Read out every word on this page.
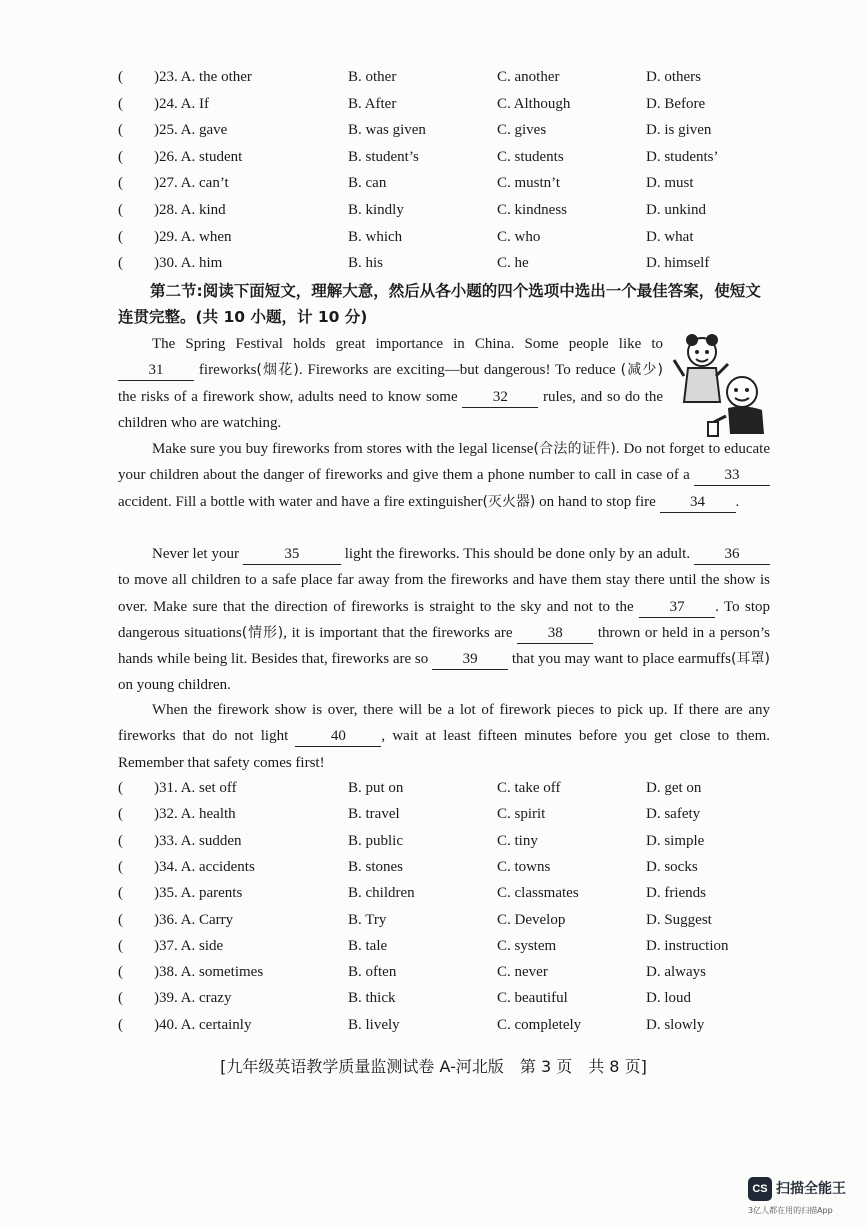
( )23. A. the other	B. other	C. another	D. others
( )24. A. If	B. After	C. Although	D. Before
( )25. A. gave	B. was given	C. gives	D. is given
( )26. A. student	B. student’s	C. students	D. students’
( )27. A. can’t	B. can	C. mustn’t	D. must
( )28. A. kind	B. kindly	C. kindness	D. unkind
( )29. A. when	B. which	C. who	D. what
( )30. A. him	B. his	C. he	D. himself
第二节:阅读下面短文，理解大意，然后从各小题的四个选项中选出一个最佳答案，使短文
连贯完整。(共 10 小题，计 10 分)
The Spring Festival holds great importance in China. Some people like to 31 fireworks(烟花). Fireworks are exciting—but dangerous! To reduce (减少) the risks of a firework show, adults need to know some 32 rules, and so do the children who are watching.
Make sure you buy fireworks from stores with the legal license(合法的证件). Do not forget to educate your children about the danger of fireworks and give them a phone number to call in case of a 33 accident. Fill a bottle with water and have a fire extinguisher(灭火器) on hand to stop fire 34 .
Never let your	35	light the fireworks. This should be done only by an adult. 36 to move all children to a safe place far away from the fireworks and have them stay there until the show is over. Make sure that the direction of fireworks is straight to the sky and not to the 37 . To stop dangerous situations(情形), it is important that the fireworks are 38 thrown or held in a person’s hands while being lit. Besides that, fireworks are so 39 that you may want to place earmuffs(耳罩) on young children.
When the firework show is over, there will be a lot of firework pieces to pick up. If there are any fireworks that do not light	40 , wait at least fifteen minutes before you get close to them. Remember that safety comes first!
( )31. A. set off	B. put on	C. take off	D. get on
( )32. A. health	B. travel	C. spirit	D. safety
( )33. A. sudden	B. public	C. tiny	D. simple
( )34. A. accidents	B. stones	C. towns	D. socks
( )35. A. parents	B. children	C. classmates	D. friends
( )36. A. Carry	B. Try	C. Develop	D. Suggest
( )37. A. side	B. tale	C. system	D. instruction
( )38. A. sometimes	B. often	C. never	D. always
( )39. A. crazy	B. thick	C. beautiful	D. loud
( )40. A. certainly	B. lively	C. completely	D. slowly
[九年级英语教学质量监测试卷 A-河北版　第 3 页　共 8 页]
CS 扫描全能王
3亿人都在用的扫描App
